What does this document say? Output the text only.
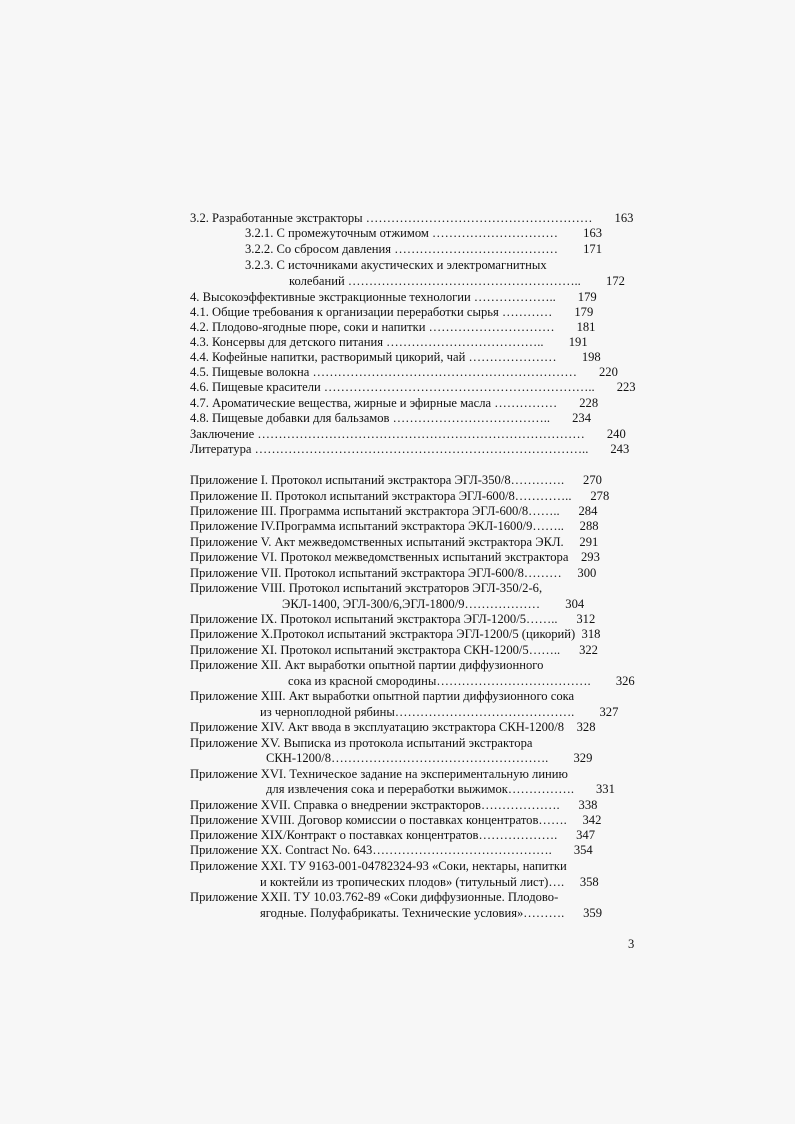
3.2. Разработанные экстракторы ………………………………………………       163
3.2.1. С промежуточным отжимом …………………………        163
3.2.2. Со сбросом давления …………………………………        171
3.2.3. С источниками акустических и электромагнитных
колебаний ………………………………………………..        172
4. Высокоэффективные экстракционные технологии ………………..       179
4.1. Общие требования к организации переработки сырья …………       179
4.2. Плодово-ягодные пюре, соки и напитки …………………………       181
4.3. Консервы для детского питания ………………………………..        191
4.4. Кофейные напитки, растворимый цикорий, чай …………………        198
4.5. Пищевые волокна ………………………………………………………       220
4.6. Пищевые красители ………………………………………………………..       223
4.7. Ароматические вещества, жирные и эфирные масла ……………       228
4.8. Пищевые добавки для бальзамов ………………………………..       234
Заключение ……………………………………………………………………       240
Литература ……………………………………………………………………..       243
Приложение I. Протокол испытаний экстрактора ЭГЛ-350/8………….      270
Приложение II. Протокол испытаний экстрактора ЭГЛ-600/8…………..      278
Приложение III. Программа испытаний экстрактора ЭГЛ-600/8……..      284
Приложение IV.Программа испытаний экстрактора ЭКЛ-1600/9……..     288
Приложение V. Акт межведомственных испытаний экстрактора ЭКЛ.     291
Приложение VI. Протокол межведомственных испытаний экстрактора    293
Приложение VII. Протокол испытаний экстрактора ЭГЛ-600/8………     300
Приложение VIII. Протокол испытаний экстраторов ЭГЛ-350/2-6,
ЭКЛ-1400, ЭГЛ-300/6,ЭГЛ-1800/9………………        304
Приложение IX. Протокол испытаний экстрактора ЭГЛ-1200/5……..      312
Приложение X.Протокол испытаний экстрактора ЭГЛ-1200/5 (цикорий)  318
Приложение XI. Протокол испытаний экстрактора СКН-1200/5……..      322
Приложение XII. Акт выработки опытной партии диффузионного
сока из красной смородины……………………………….        326
Приложение XIII. Акт выработки опытной партии диффузионного сока
из черноплодной рябины…………………………………….        327
Приложение XIV. Акт ввода в эксплуатацию экстрактора СКН-1200/8    328
Приложение XV. Выписка из протокола испытаний экстрактора
СКН-1200/8…………………………………………….        329
Приложение XVI. Техническое задание на экспериментальную линию
для извлечения сока и переработки выжимок…………….       331
Приложение XVII. Справка о внедрении экстракторов……………….      338
Приложение XVIII. Договор комиссии о поставках концентратов…….     342
Приложение XIX/Контракт о поставках концентратов……………….      347
Приложение XX. Contract No. 643…………………………………….       354
Приложение XXI. ТУ 9163-001-04782324-93 «Соки, нектары, напитки
и коктейли из тропических плодов» (титульный лист)….     358
Приложение XXII. ТУ 10.03.762-89 «Соки диффузионные. Плодово-
ягодные. Полуфабрикаты. Технические условия»……….      359
3
